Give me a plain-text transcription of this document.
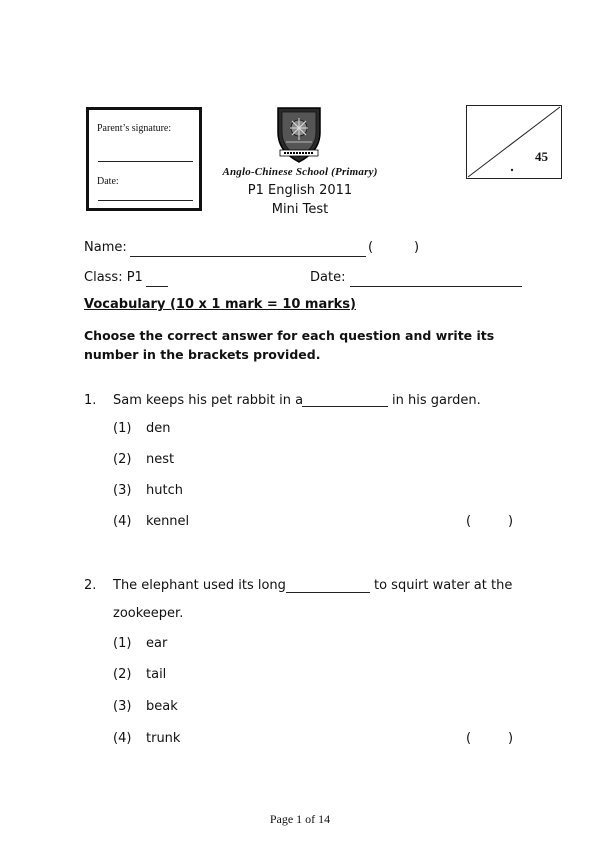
Parent’s signature:
Date:
Anglo-Chinese School (Primary)
P1 English 2011
Mini Test
45
Name:	(	)
Class: P1	Date:
Vocabulary (10 x 1 mark = 10 marks)
Choose the correct answer for each question and write its number in the brackets provided.
1. Sam keeps his pet rabbit in a	in his garden.
(1) den
(2) nest
(3) hutch
(4) kennel	(	)
2. The elephant used its long	to squirt water at the
zookeeper.
(1) ear
(2) tail
(3) beak
(4) trunk	(	)
Page 1 of 14
